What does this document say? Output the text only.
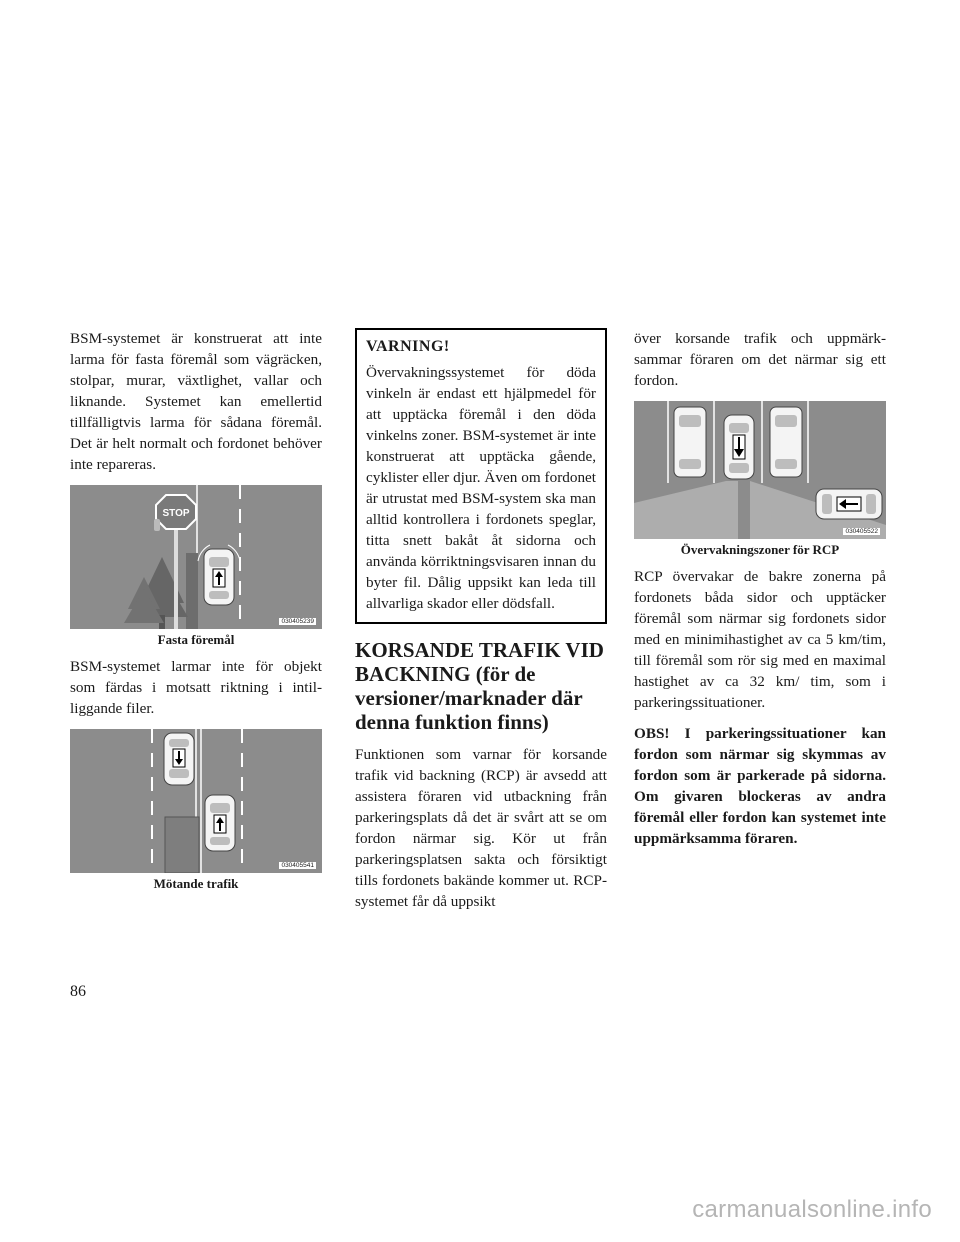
BSM-systemet är konstruerat att inte larma för fasta föremål som vägräcken, stolpar, murar, växtlighet, vallar och liknande. Systemet kan emellertid tillfälligtvis larma för sådana föremål. Det är helt normalt och fordonet behöver inte repareras.

STOP
030405239
Fasta föremål

BSM-systemet larmar inte för objekt som färdas i motsatt riktning i intilliggande filer.

030405541
Mötande trafik
VARNING!

Övervakningssystemet för döda vinkeln är endast ett hjälpmedel för att upptäcka föremål i den döda vinkelns zoner. BSM-systemet är inte konstruerat att upptäcka gående, cyklister eller djur. Även om fordonet är utrustat med BSM-system ska man alltid kontrollera i fordonets speglar, titta snett bakåt åt sidorna och använda körriktningsvisaren innan du byter fil. Dålig uppsikt kan leda till allvarliga skador eller dödsfall.

KORSANDE TRAFIK VID BACKNING (för de versioner/marknader där denna funktion finns)

Funktionen som varnar för korsande trafik vid backning (RCP) är avsedd att assistera föraren vid utbackning från parkeringsplats då det är svårt att se om fordon närmar sig. Kör ut från parkeringsplatsen sakta och försiktigt tills fordonets bakände kommer ut. RCP-systemet får då uppsikt

över korsande trafik och uppmärksammar föraren om det närmar sig ett fordon.

030405522
Övervakningszoner för RCP

RCP övervakar de bakre zonerna på fordonets båda sidor och upptäcker föremål som närmar sig fordonets sidor med en minimihastighet av ca 5 km/tim, till föremål som rör sig med en maximal hastighet av ca 32 km/ tim, som i parkeringssituationer.

OBS! I parkeringssituationer kan fordon som närmar sig skymmas av fordon som är parkerade på sidorna. Om givaren blockeras av andra föremål eller fordon kan systemet inte uppmärksamma föraren.

86
carmanualsonline.info
